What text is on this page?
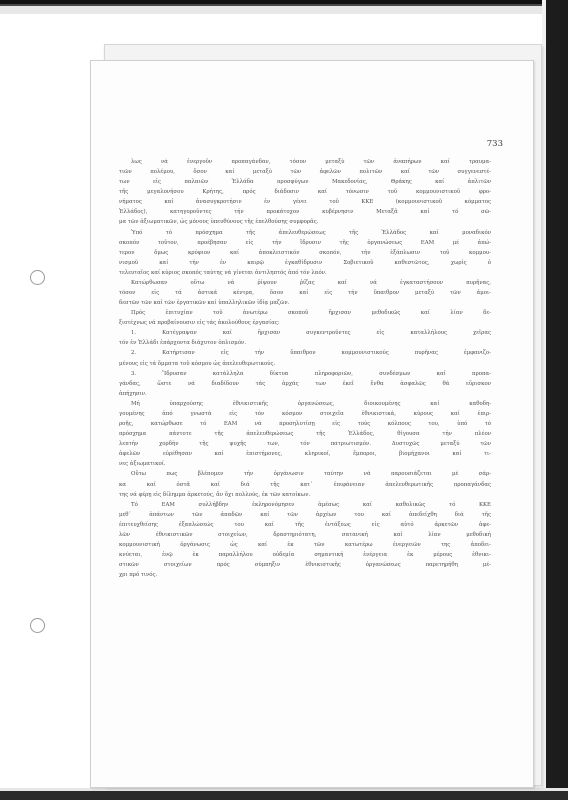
733
λως νά ἐνεργοῦν προπαγάνδαν, τόσον μεταξύ τῶν ἀναπήρων καί τραυμα-
τιῶν πολέμου, ὅσον καί μεταξύ τῶν ἀφελῶν πολιτῶν καί τῶν συγγενεστέ-
των εἰς παλαιῶν Ἑλλάδα προσφύγων Μακεδονίας, Θράκης καί ἀπλιτῶν
τῆς μεγαλονήσου Κρήτης, πρός διάδοσιν καί τόνωσιν τοῦ κομμουνιστικοῦ φρο-
νήματος καί ἀνασυγκροτήσιν ἐν γένει τοῦ ΚΚΕ (κομμουνιστικοῦ κόμματος
Ἑλλάδος), κατηγοροῦντες τήν προκάτοχον κυβέρνησιν Μεταξᾶ καί τό σῶ-
μα τῶν ἀξιωματικῶν, ὡς μόνους ὑπευθύνους τῆς ἐπελθούσης συμφορᾶς.
Ὑπό τό πρόσχημα τῆς ἀπελευθερώσεως τῆς Ἑλλάδος καί μοναδικόν
σκοπόν τοῦτον, προέβησαν εἰς τήν ἵδρυσιν τῆς ὀργανώσεως ΕΑΜ μέ ἀπώ-
τερον ὅμως κρύφιον καί ἀποκλειστικόν σκοπόν, τήν ἐξάπλωσιν τοῦ κομμου-
νισμοῦ καί τήν ἐν καιρῷ ἐγκαθίδρυσιν Σοβιετικοῦ καθεστῶτος, χωρίς ὁ
τελευταῖος καί κύριος σκοπός ταύτης νά γίνεται ἀντιληπτός ἀπό τόν λαόν.
Κατώρθωσαν οὕτω νά ῥίψουν ῥίζας καί νά ἐγκαταστήσουν πυρῆνας,
τόσον εἰς τά ἀστικά κέντρα, ὅσον καί εἰς τήν ὕπαιθρον μεταξύ τῶν ἀμοι-
δεστῶν τῶν καί τῶν ἐργατικῶν καί ὑπαλληλικῶν ἰδίᾳ μαζῶν.
Πρός ἐπιτυχίαν τοῦ ἀνωτέρω σκοποῦ ἤρχισαν μεθοδικῶς καί λίαν δε-
ξιοτέχνως νά προβαίνουσιν εἰς τάς ἀκολούθους ἐργασίας:
1. Κατέγραψαν καί ἤρχισαν συγκεντροῦντες εἰς καταλλήλους χεῖρας
τόν ἐν Ἑλλάδι ἐπάρχοντα διάχυτον ὁπλισμόν.
2. Κατήρτισαν εἰς τήν ὕπαιθρον κομμουνιστικούς πυρῆνας ἐμφανιζο-
μένους εἰς τά ὄμματα τοῦ κόσμου ὡς ἀπελευθερωτικούς.
3. Ἵδρυσαν κατάλληλα δίκτυα πληροφοριῶν, συνδέσμων καί προπα-
γάνδας, ὥστε νά διαδίδουν τάς ἀρχάς των ἐκεῖ ἔνθα ἀσφαλῶς θά εὕρισκον
ἀπήχησιν.
Μή ὑπαρχούσης ἐθνικιστικῆς ὀργανώσεως, διοικουμένης καί καθοδη-
γουμένης ἀπό γνωστά εἰς τόν κόσμον στοιχεῖα ἐθνικιστικά, κύρους καί ἐπιρ-
ροῆς, κατώρθωσε τό ΕΑΜ νά προσηλυτίσῃ εἰς τούς κόλπους του, ὑπό τό
πρόσχημα πάντοτε τῆς ἀπελευθερώσεως τῆς Ἑλλάδος, θίγουσα τήν πλέον
λεπτήν χορδήν τῆς ψυχῆς των, τόν πατριωτισμόν. Δυστυχῶς μεταξύ τῶν
ἀφελῶν εὑρέθησαν καί ἐπιστήμονες, κληρικοί, ἔμποροι, βιομήχανοι καί τι-
νες ἀξιωματικοί.
Οὕτω πως βλέπομεν τήν ὀργάνωσιν ταύτην νά παρουσιάζεται μέ σάρ-
κα καί ὀστᾶ καί διά τῆς κατ᾽ ἐπιφάνειαν ἀπελευθερωτικῆς προπαγάνδας
της νά φέρῃ εἰς δίλημμα ἀρκετούς, ἄν ὄχι πολλούς, ἐκ τῶν κατοίκων.
Τό ΕΑΜ συλλήβδην ἐκληρονόμησεν ἀμέσως καί καθολικῶς τό ΚΚΕ
μεθ᾽ ἁπάντων τῶν ἀπαδῶν καί τῶν ἀρχέων του καί ἀπεδείχθη διά τῆς
ἐπιτευχθείσης ἐξαπλώσεώς του καί τῆς ἐντάξεως εἰς αὐτό ἀρκετῶν ἀφε-
λῶν ἐθνικιστικῶν στοιχείων, δραστηριότατη, σατανική καί λίαν μεθοδική
κομμουνιστική ὀργάνωσις ὡς καί ἐκ τῶν κατωτέρω ἐνεργειῶν της ἀποδει-
κνύεται, ἐνῷ ἐκ παραλλήλου οὐδεμία σημαντική ἐνέργεια ἐκ μέρους ἐθνικι-
στικῶν στοιχείων πρός σύμπηξιν ἐθνικιστικῆς ὀργανώσεως παρετηρήθη μέ-
χρι πρό τινός.
